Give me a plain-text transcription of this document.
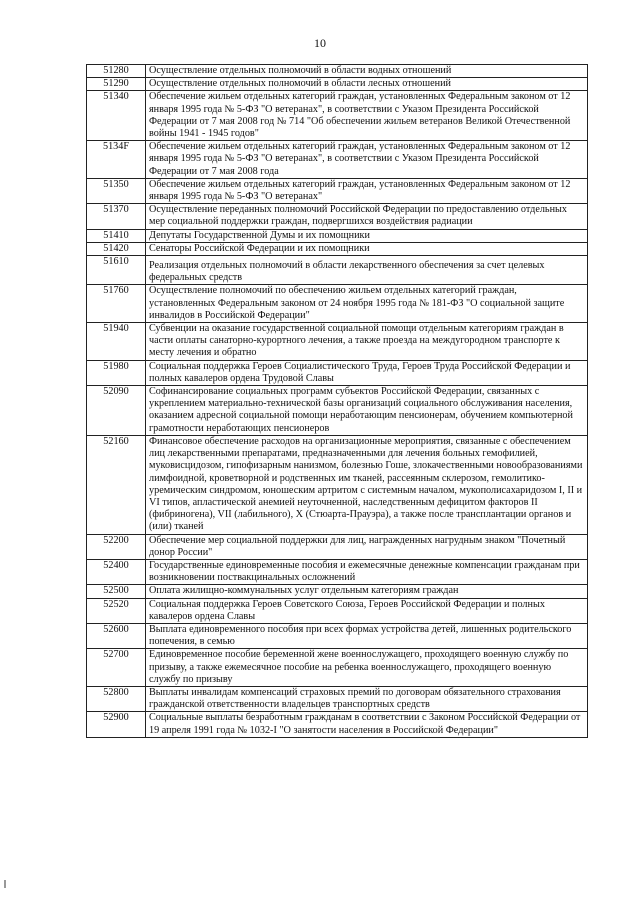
10
51280	Осуществление отдельных полномочий в области водных отношений
51290	Осуществление отдельных полномочий в области лесных отношений
51340	Обеспечение жильем отдельных категорий граждан, установленных Федеральным законом от 12 января 1995 года № 5-ФЗ "О ветеранах", в соответствии с Указом Президента Российской Федерации от 7 мая 2008 год № 714 "Об обеспечении жильем ветеранов Великой Отечественной войны 1941 - 1945 годов"
5134F	Обеспечение жильем отдельных категорий граждан, установленных Федеральным законом от 12 января 1995 года № 5-ФЗ "О ветеранах", в соответствии с Указом Президента Российской Федерации от 7 мая 2008 года
51350	Обеспечение жильем отдельных категорий граждан, установленных Федеральным законом от 12 января 1995 года № 5-ФЗ "О ветеранах"
51370	Осуществление переданных полномочий Российской Федерации по предоставлению отдельных мер социальной поддержки граждан, подвергшихся воздействия радиации
51410	Депутаты Государственной Думы и их помощники
51420	Сенаторы Российской Федерации и их помощники
51610	Реализация отдельных полномочий в области лекарственного обеспечения за счет целевых федеральных средств
51760	Осуществление полномочий по обеспечению жильем отдельных категорий граждан, установленных Федеральным законом от 24 ноября 1995 года № 181-ФЗ "О социальной защите инвалидов в Российской Федерации"
51940	Субвенции на оказание государственной социальной помощи отдельным категориям граждан в части оплаты санаторно-курортного лечения, а также проезда на междугородном транспорте к месту лечения и обратно
51980	Социальная поддержка Героев Социалистического Труда, Героев Труда Российской Федерации и полных кавалеров ордена Трудовой Славы
52090	Софинансирование социальных программ субъектов Российской Федерации, связанных с укреплением материально-технической базы организаций социального обслуживания населения, оказанием адресной социальной помощи неработающим пенсионерам, обучением компьютерной грамотности неработающих пенсионеров
52160	Финансовое обеспечение расходов на организационные мероприятия, связанные с обеспечением лиц лекарственными препаратами, предназначенными для лечения больных гемофилией, муковисцидозом, гипофизарным нанизмом, болезнью Гоше, злокачественными новообразованиями лимфоидной, кроветворной и родственных им тканей, рассеянным склерозом, гемолитико-уремическим синдромом, юношеским артритом с системным началом, мукополисахаридозом I, II и VI типов, апластической анемией неуточненной, наследственным дефицитом факторов II (фибриногена), VII (лабильного), X (Стюарта-Прауэра), а также после трансплантации органов и (или) тканей
52200	Обеспечение мер социальной поддержки для лиц, награжденных нагрудным знаком "Почетный донор России"
52400	Государственные единовременные пособия и ежемесячные денежные компенсации гражданам при возникновении поствакцинальных осложнений
52500	Оплата жилищно-коммунальных услуг отдельным категориям граждан
52520	Социальная поддержка Героев Советского Союза, Героев Российской Федерации и полных кавалеров ордена Славы
52600	Выплата единовременного пособия при всех формах устройства детей, лишенных родительского попечения, в семью
52700	Единовременное пособие беременной жене военнослужащего, проходящего военную службу по призыву, а также ежемесячное пособие на ребенка военнослужащего, проходящего военную службу по призыву
52800	Выплаты инвалидам компенсаций страховых премий по договорам обязательного страхования гражданской ответственности владельцев транспортных средств
52900	Социальные выплаты безработным гражданам в соответствии с Законом Российской Федерации от 19 апреля 1991 года № 1032-I "О занятости населения в Российской Федерации"
